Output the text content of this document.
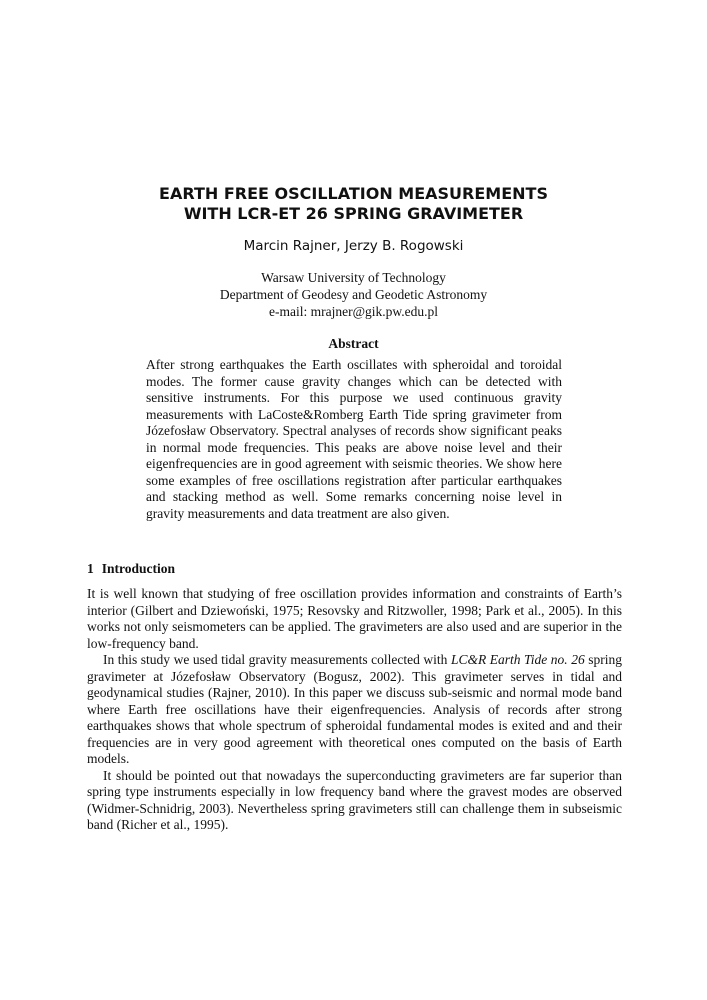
EARTH FREE OSCILLATION MEASUREMENTS
WITH LCR-ET 26 SPRING GRAVIMETER
Marcin Rajner, Jerzy B. Rogowski
Warsaw University of Technology
Department of Geodesy and Geodetic Astronomy
e-mail: mrajner@gik.pw.edu.pl
Abstract
After strong earthquakes the Earth oscillates with spheroidal and toroidal modes. The former cause gravity changes which can be detected with sensitive instruments. For this purpose we used continuous gravity measurements with LaCoste&Romberg Earth Tide spring gravimeter from Józefosław Observatory. Spectral analyses of records show significant peaks in normal mode frequencies. This peaks are above noise level and their eigenfrequencies are in good agreement with seismic theories. We show here some examples of free oscillations registration after particular earthquakes and stacking method as well. Some remarks concerning noise level in gravity measurements and data treatment are also given.
1 Introduction

It is well known that studying of free oscillation provides information and constraints of Earth’s interior (Gilbert and Dziewoński, 1975; Resovsky and Ritzwoller, 1998; Park et al., 2005). In this works not only seismometers can be applied. The gravimeters are also used and are superior in the low-frequency band.

In this study we used tidal gravity measurements collected with LC&R Earth Tide no. 26 spring gravimeter at Józefosław Observatory (Bogusz, 2002). This gravimeter serves in tidal and geodynamical studies (Rajner, 2010). In this paper we discuss sub-seismic and normal mode band where Earth free oscillations have their eigenfrequencies. Analysis of records after strong earthquakes shows that whole spectrum of spheroidal fundamental modes is exited and and their frequencies are in very good agreement with theoretical ones computed on the basis of Earth models.

It should be pointed out that nowadays the superconducting gravimeters are far superior than spring type instruments especially in low frequency band where the gravest modes are observed (Widmer-Schnidrig, 2003). Nevertheless spring gravimeters still can challenge them in subseismic band (Richer et al., 1995).
